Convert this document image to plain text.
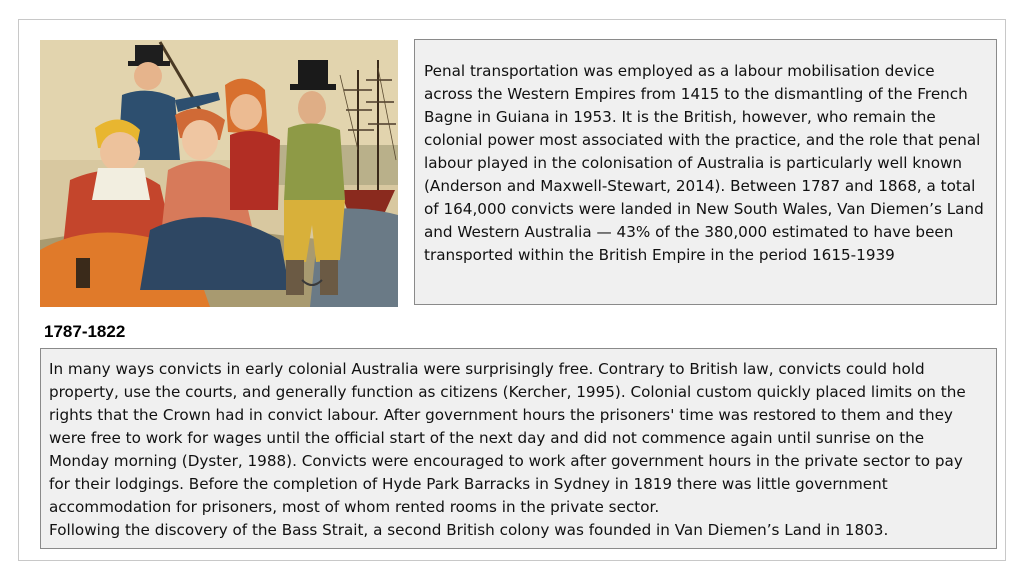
Penal transportation was employed as a labour mobilisation device across the Western Empires from 1415 to the dismantling of the French Bagne in Guiana in 1953. It is the British, however, who remain the colonial power most associated with the practice, and the role that penal labour played in the colonisation of Australia is particularly well known (Anderson and Maxwell-Stewart, 2014). Between 1787 and 1868, a total of 164,000 convicts were landed in New South Wales, Van Diemen’s Land and Western Australia — 43% of the 380,000 estimated to have been transported within the British Empire in the period 1615-1939

1787-1822

In many ways convicts in early colonial Australia were surprisingly free. Contrary to British law, convicts could hold property, use the courts, and generally function as citizens (Kercher, 1995). Colonial custom quickly placed limits on the rights that the Crown had in convict labour. After government hours the prisoners' time was restored to them and they were free to work for wages until the official start of the next day and did not commence again until sunrise on the Monday morning (Dyster, 1988). Convicts were encouraged to work after government hours in the private sector to pay for their lodgings. Before the completion of Hyde Park Barracks in Sydney in 1819 there was little government accommodation for prisoners, most of whom rented rooms in the private sector.

Following the discovery of the Bass Strait, a second British colony was founded in Van Diemen’s Land in 1803.
